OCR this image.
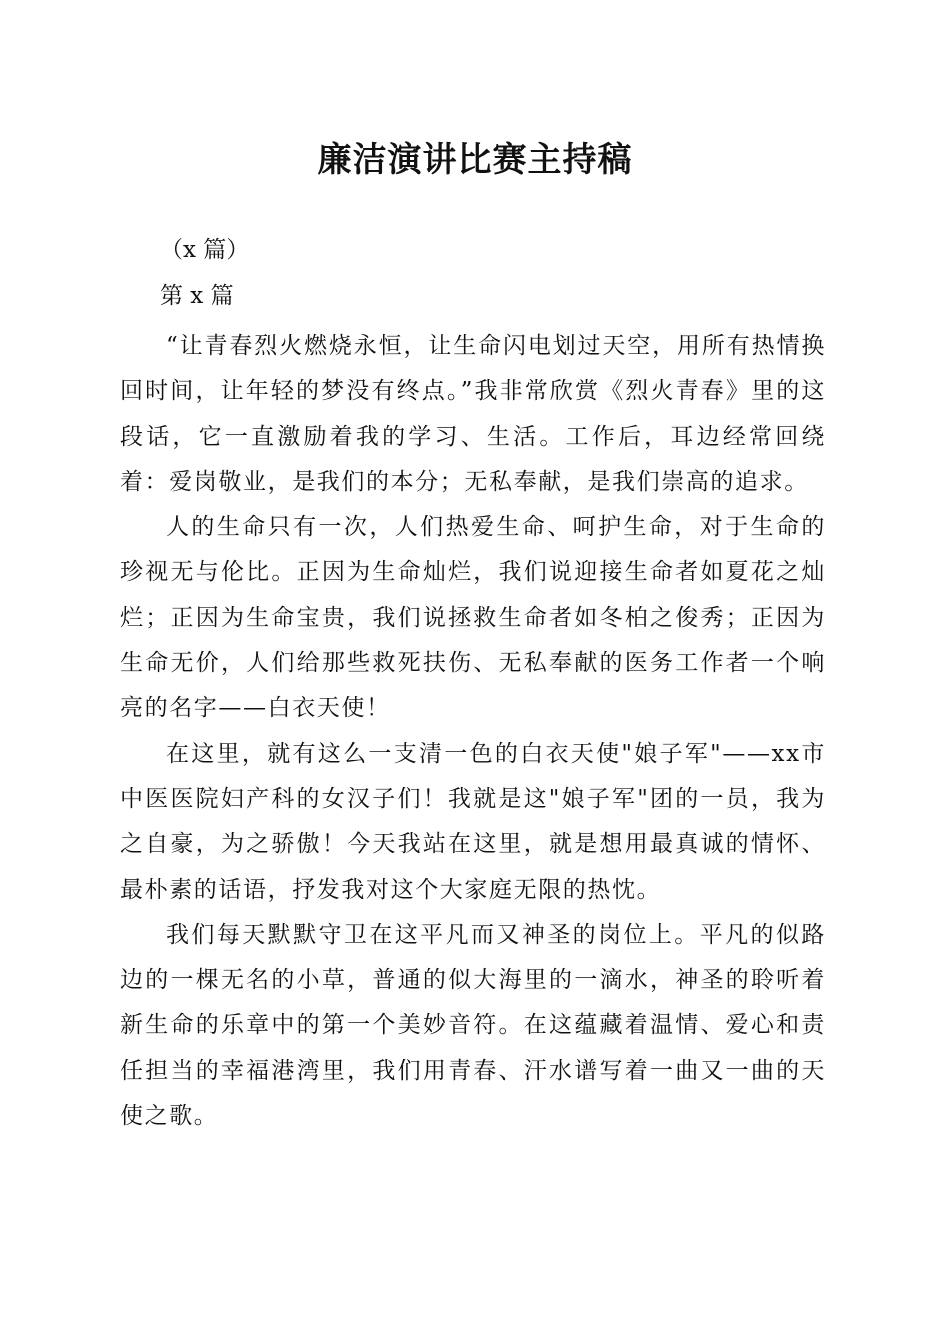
廉洁演讲比赛主持稿

（x 篇）

第 x 篇

“让青春烈火燃烧永恒，让生命闪电划过天空，用所有热情换回时间，让年轻的梦没有终点。”我非常欣赏《烈火青春》里的这段话，它一直激励着我的学习、生活。工作后，耳边经常回绕着：爱岗敬业，是我们的本分；无私奉献，是我们崇高的追求。

人的生命只有一次，人们热爱生命、呵护生命，对于生命的珍视无与伦比。正因为生命灿烂，我们说迎接生命者如夏花之灿烂；正因为生命宝贵，我们说拯救生命者如冬柏之俊秀；正因为生命无价，人们给那些救死扶伤、无私奉献的医务工作者一个响亮的名字——白衣天使！

在这里，就有这么一支清一色的白衣天使"娘子军"——xx市中医医院妇产科的女汉子们！我就是这"娘子军"团的一员，我为之自豪，为之骄傲！今天我站在这里，就是想用最真诚的情怀、最朴素的话语，抒发我对这个大家庭无限的热忱。

我们每天默默守卫在这平凡而又神圣的岗位上。平凡的似路边的一棵无名的小草，普通的似大海里的一滴水，神圣的聆听着新生命的乐章中的第一个美妙音符。在这蕴藏着温情、爱心和责任担当的幸福港湾里，我们用青春、汗水谱写着一曲又一曲的天使之歌。
